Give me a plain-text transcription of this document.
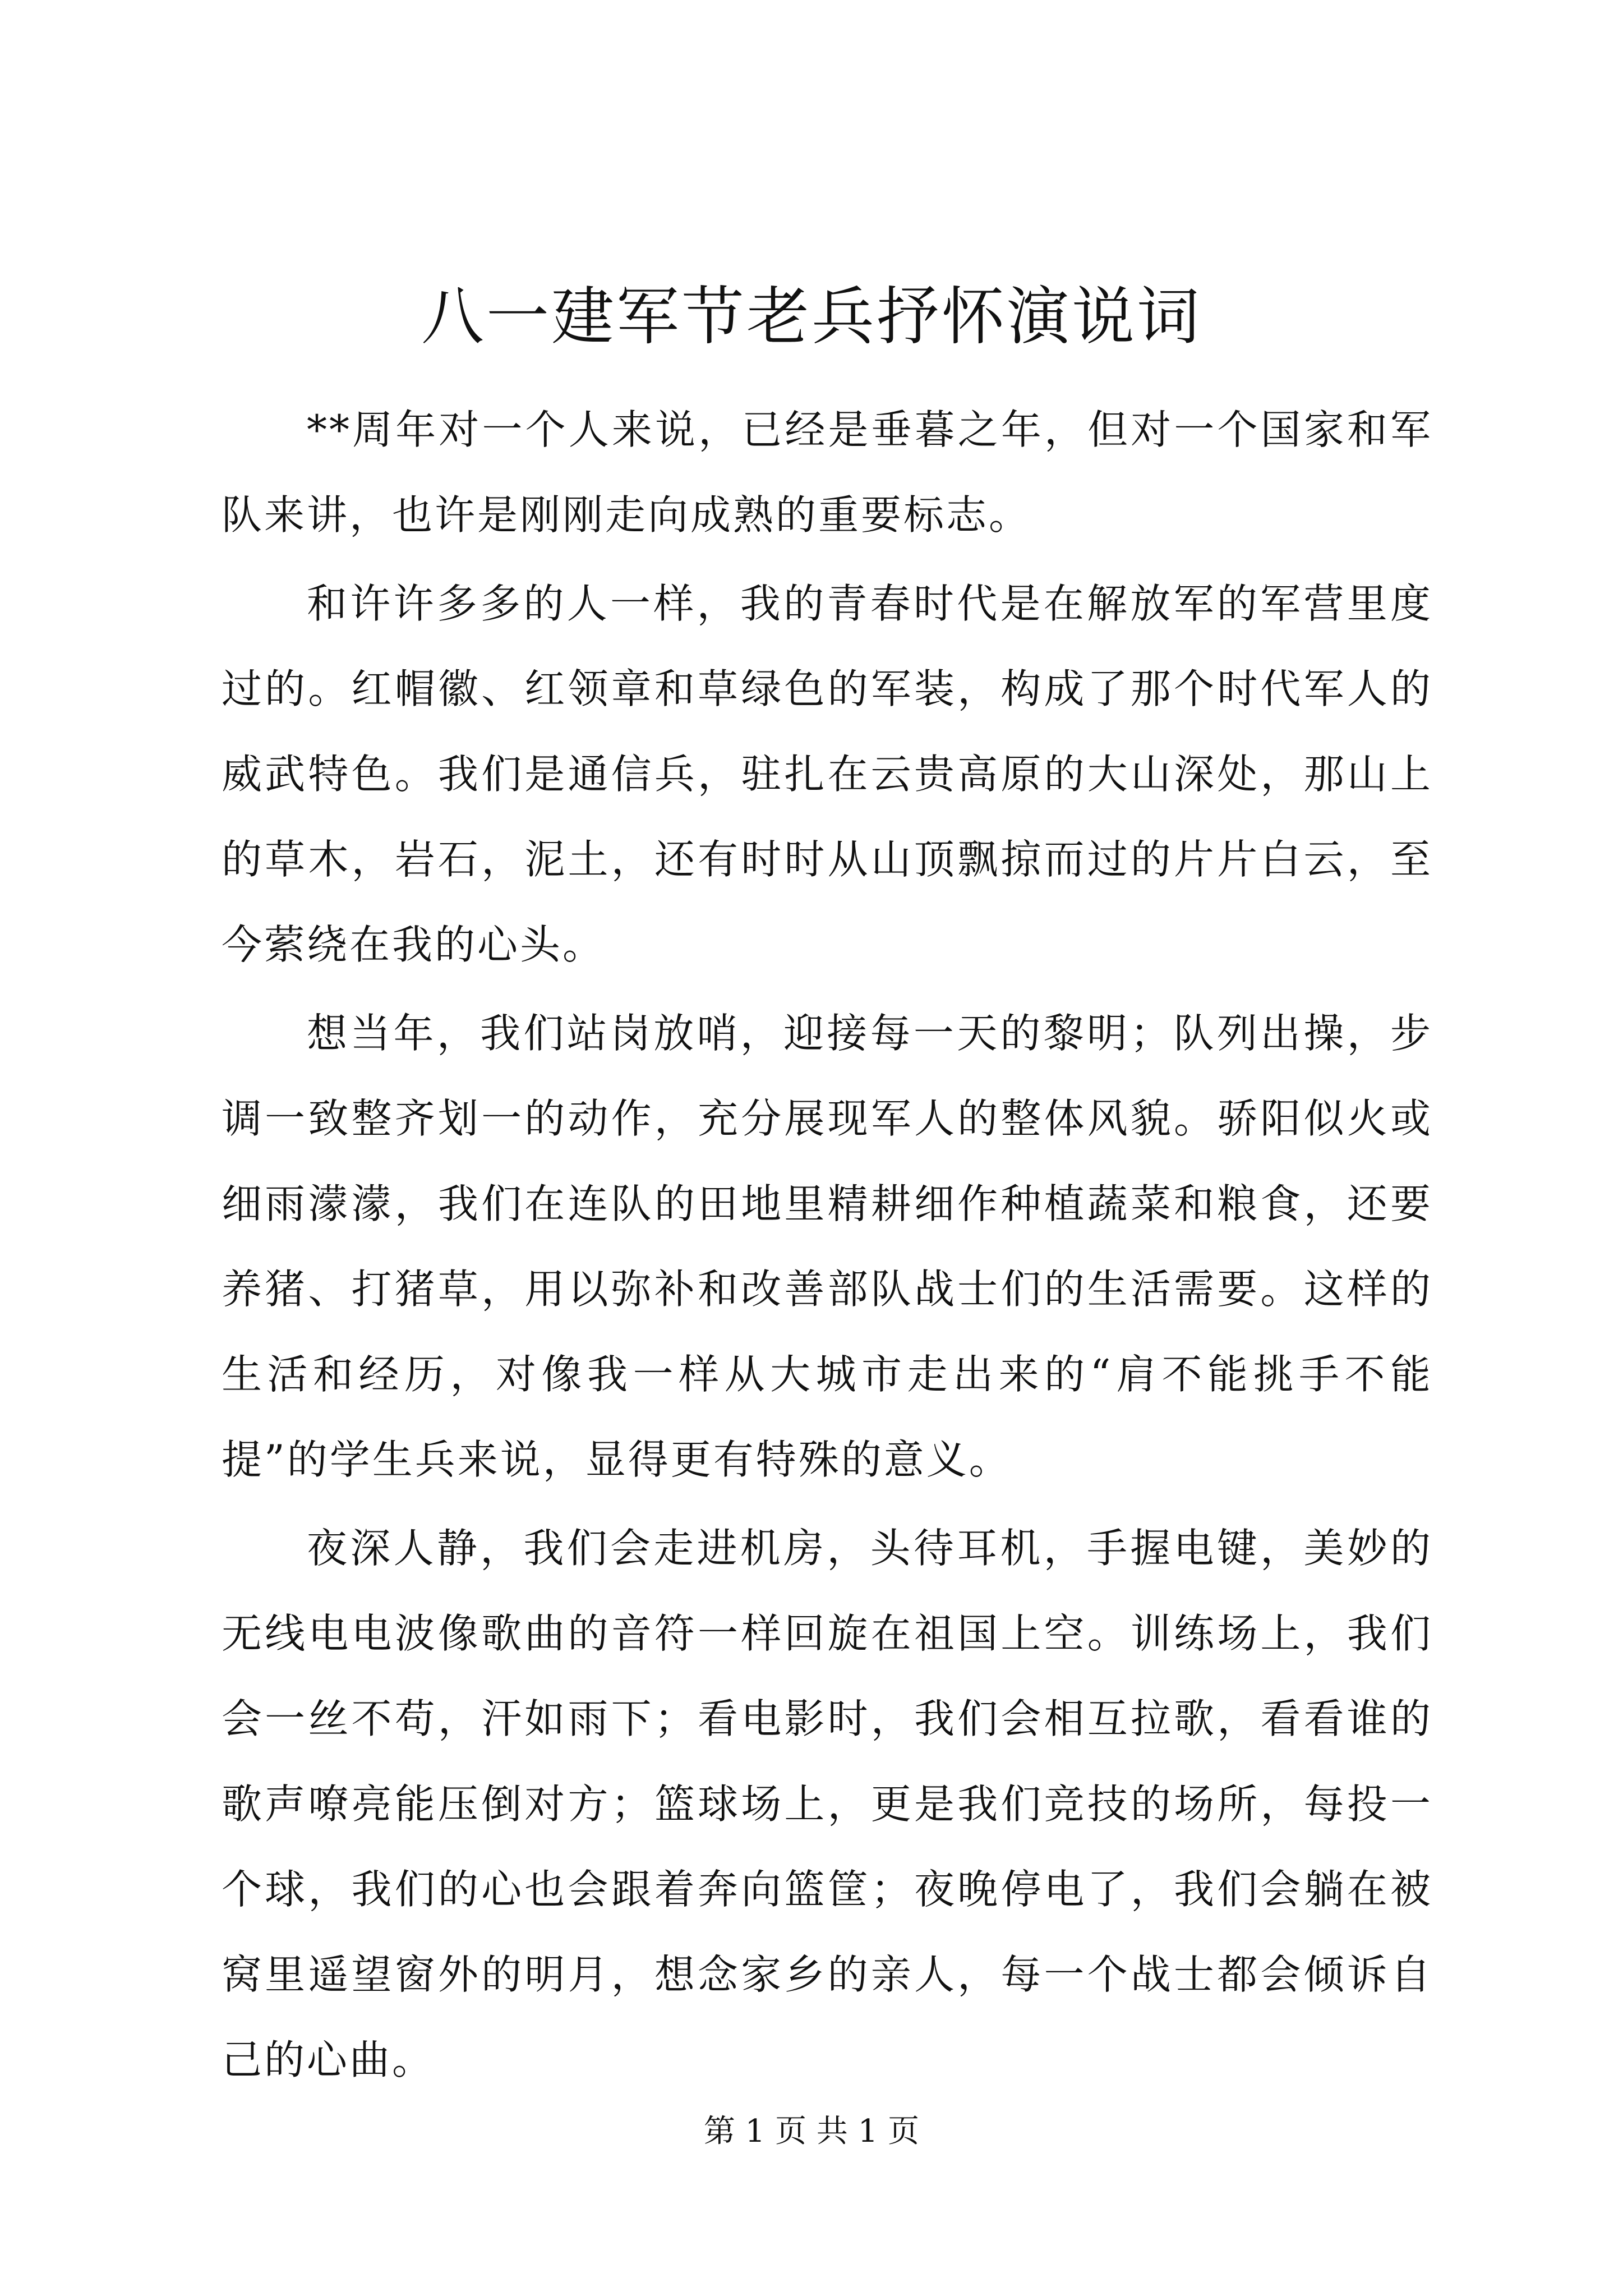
八一建军节老兵抒怀演说词

**周年对一个人来说，已经是垂暮之年，但对一个国家和军队来讲，也许是刚刚走向成熟的重要标志。

和许许多多的人一样，我的青春时代是在解放军的军营里度过的。红帽徽、红领章和草绿色的军装，构成了那个时代军人的威武特色。我们是通信兵，驻扎在云贵高原的大山深处，那山上的草木，岩石，泥土，还有时时从山顶飘掠而过的片片白云，至今萦绕在我的心头。

想当年，我们站岗放哨，迎接每一天的黎明；队列出操，步调一致整齐划一的动作，充分展现军人的整体风貌。骄阳似火或细雨濛濛，我们在连队的田地里精耕细作种植蔬菜和粮食，还要养猪、打猪草，用以弥补和改善部队战士们的生活需要。这样的生活和经历，对像我一样从大城市走出来的“肩不能挑手不能提”的学生兵来说，显得更有特殊的意义。

夜深人静，我们会走进机房，头待耳机，手握电键，美妙的无线电电波像歌曲的音符一样回旋在祖国上空。训练场上，我们会一丝不苟，汗如雨下；看电影时，我们会相互拉歌，看看谁的歌声嘹亮能压倒对方；篮球场上，更是我们竞技的场所，每投一个球，我们的心也会跟着奔向篮筐；夜晚停电了，我们会躺在被窝里遥望窗外的明月，想念家乡的亲人，每一个战士都会倾诉自己的心曲。

第 1 页 共 1 页
